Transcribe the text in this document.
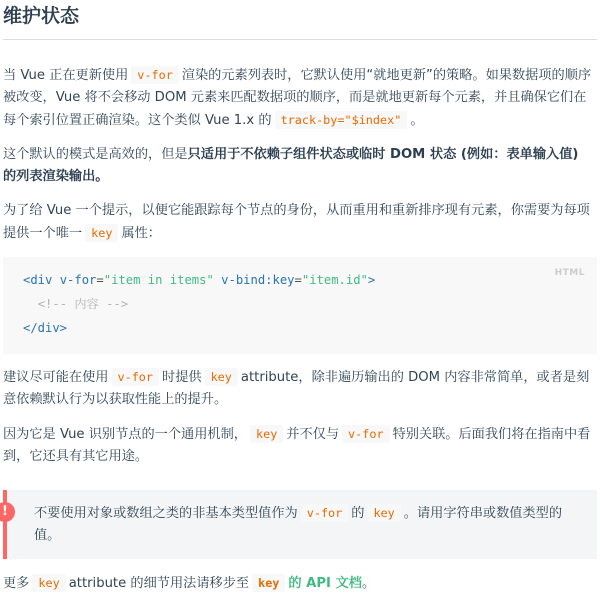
维护状态

当 Vue 正在更新使用 v-for 渲染的元素列表时，它默认使用“就地更新”的策略。如果数据项的顺序被改变，Vue 将不会移动 DOM 元素来匹配数据项的顺序，而是就地更新每个元素，并且确保它们在每个索引位置正确渲染。这个类似 Vue 1.x 的 track-by="$index" 。

这个默认的模式是高效的，但是只适用于不依赖子组件状态或临时 DOM 状态 (例如：表单输入值) 的列表渲染输出。

为了给 Vue 一个提示，以便它能跟踪每个节点的身份，从而重用和重新排序现有元素，你需要为每项提供一个唯一 key 属性：

HTML
<div v-for="item in items" v-bind:key="item.id">
<!-- 内容 -->
</div>

建议尽可能在使用 v-for 时提供 key attribute，除非遍历输出的 DOM 内容非常简单，或者是刻意依赖默认行为以获取性能上的提升。

因为它是 Vue 识别节点的一个通用机制， key 并不仅与 v-for 特别关联。后面我们将在指南中看到，它还具有其它用途。

!	不要使用对象或数组之类的非基本类型值作为 v-for 的 key 。请用字符串或数值类型的值。

更多 key attribute 的细节用法请移步至 key 的 API 文档。
